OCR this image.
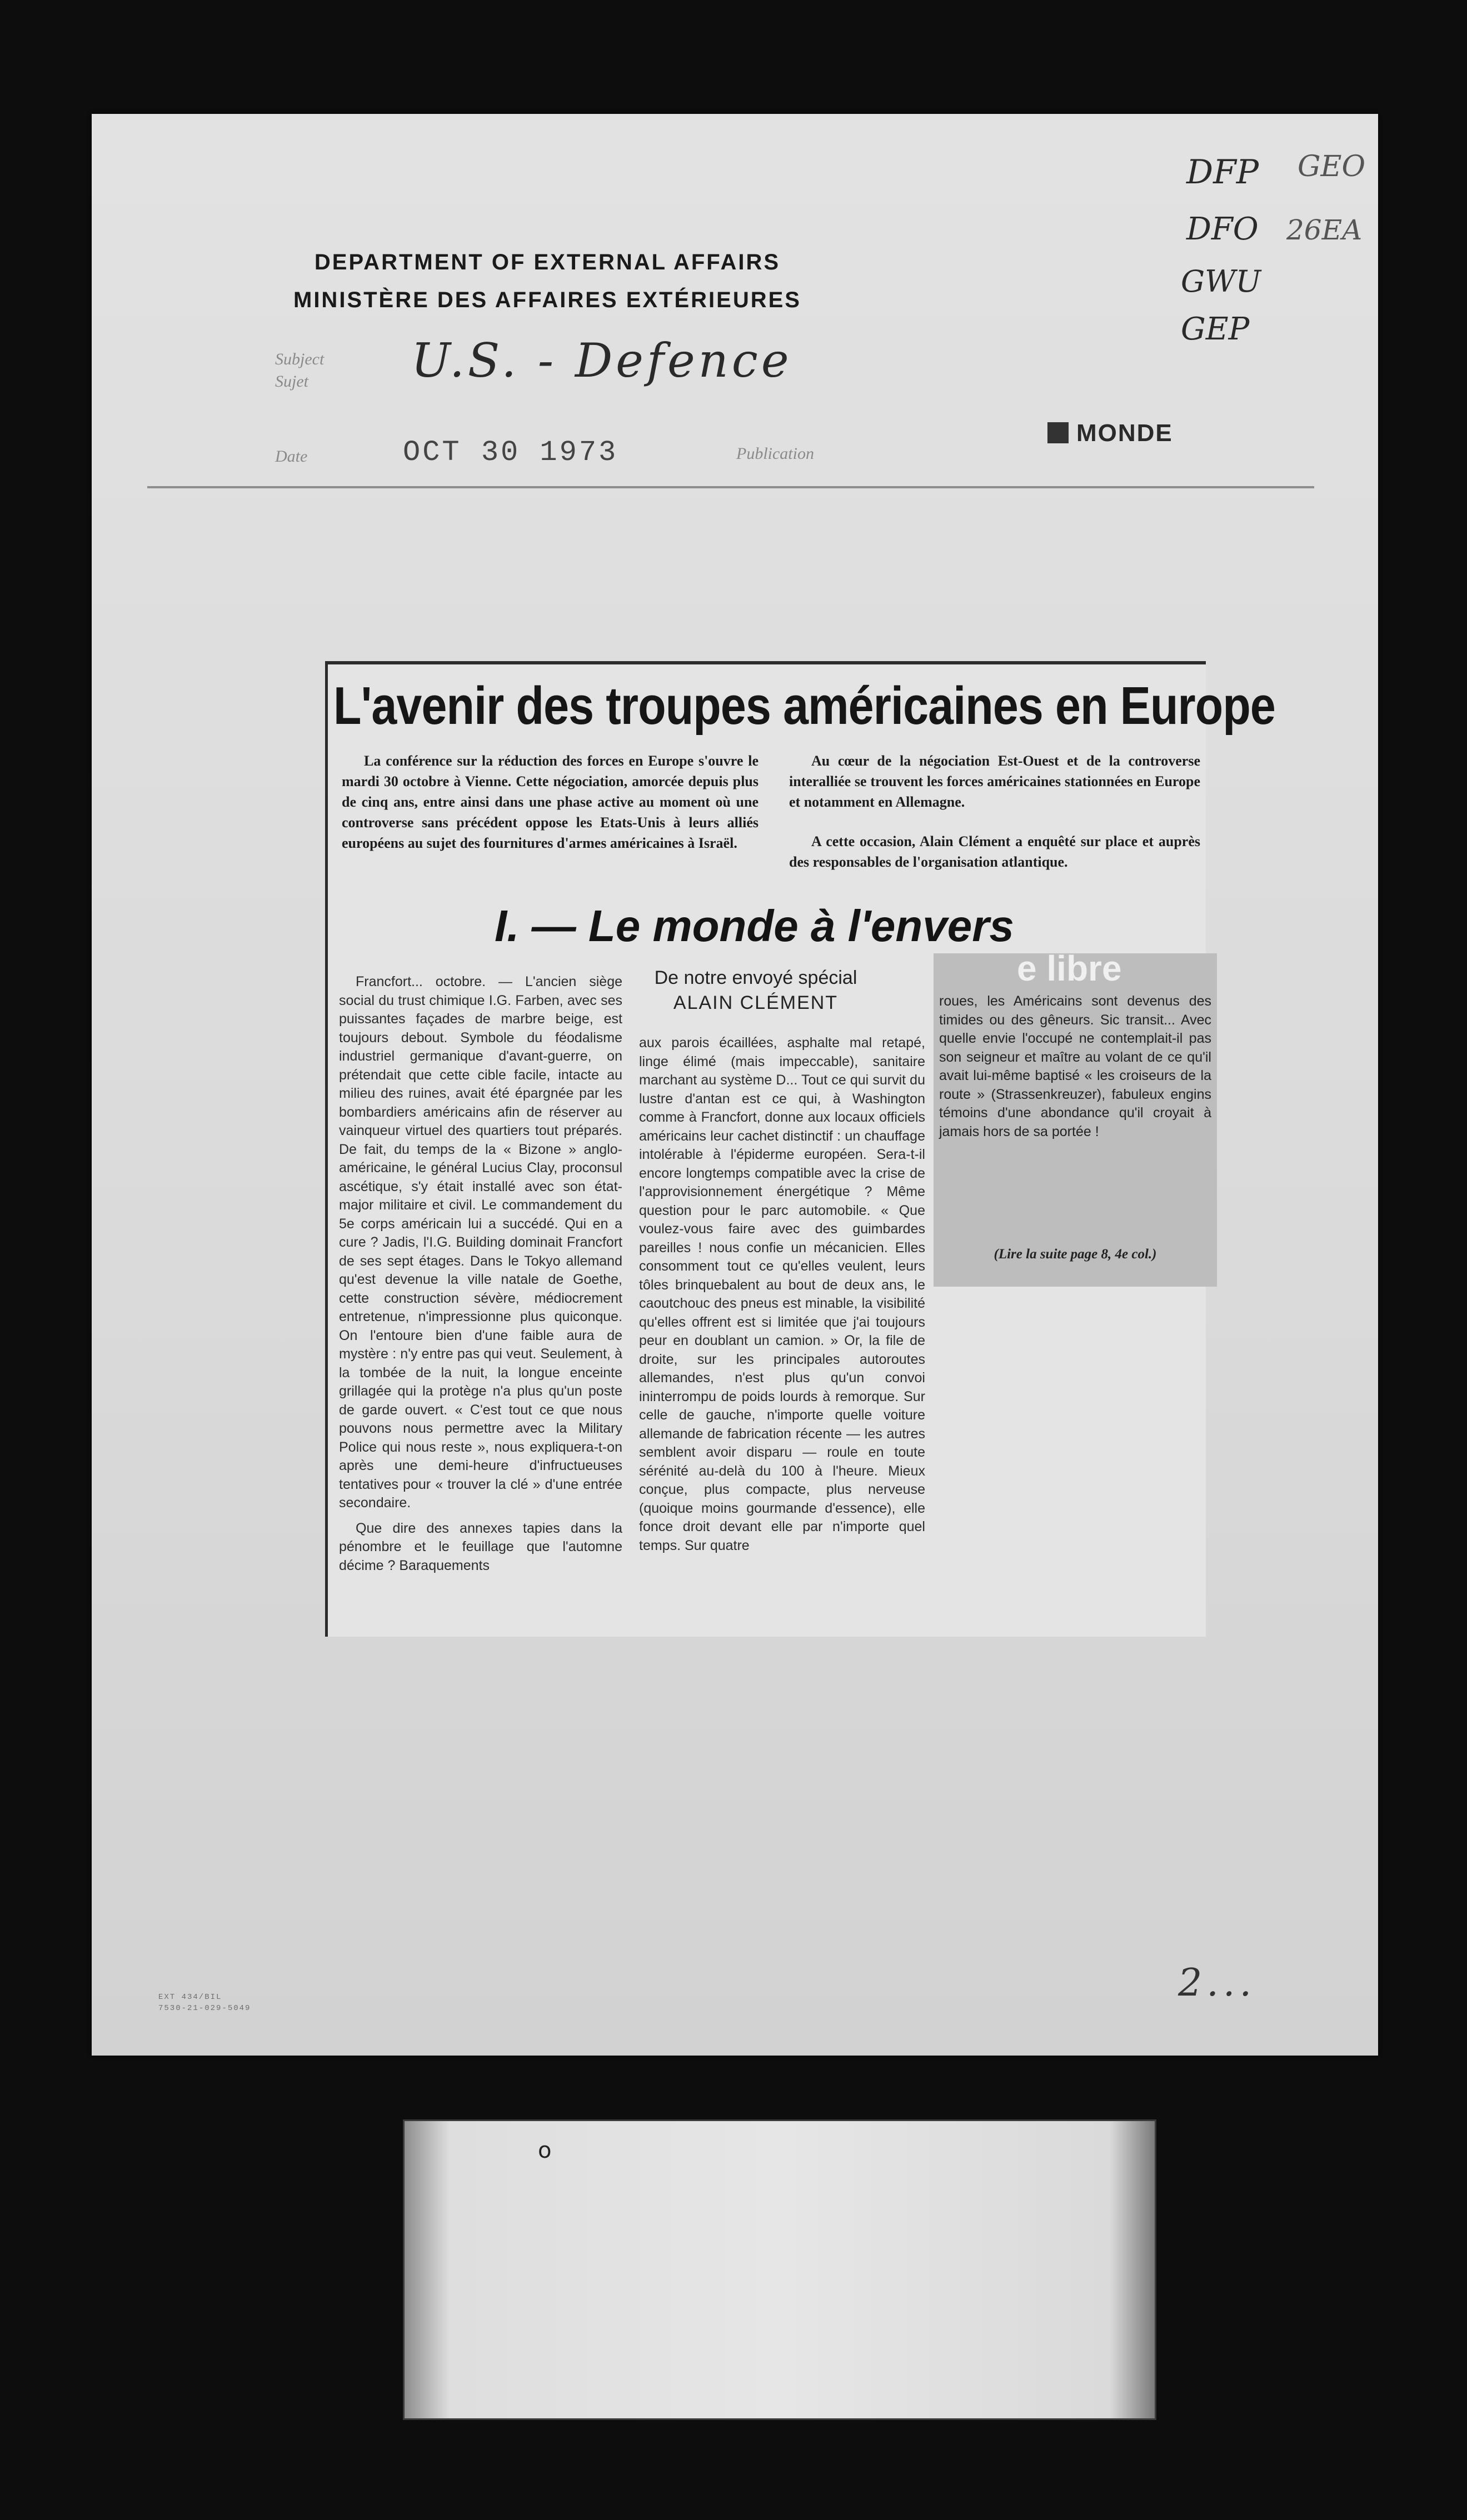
DEPARTMENT OF EXTERNAL AFFAIRS
MINISTÈRE DES AFFAIRES EXTÉRIEURES
DFP GEO
DFO 26EA
GWU
GEP
Subject
Sujet U.S. - Defence
Date	OCT 30 1973	Publication
MONDE
L'avenir des troupes américaines en Europe
La conférence sur la réduction des forces en Europe s'ouvre le mardi 30 octobre à Vienne. Cette négociation, amorcée depuis plus de cinq ans, entre ainsi dans une phase active au moment où une controverse sans précédent oppose les Etats-Unis à leurs alliés européens au sujet des fournitures d'armes américaines à Israël.
Au cœur de la négociation Est-Ouest et de la controverse interalliée se trouvent les forces américaines stationnées en Europe et notamment en Allemagne.
A cette occasion, Alain Clément a enquêté sur place et auprès des responsables de l'organisation atlantique.
I. — Le monde à l'envers
De notre envoyé spécial
ALAIN CLÉMENT

Francfort... octobre. — L'ancien siège social du trust chimique I.G. Farben, avec ses puissantes façades de marbre beige, est toujours debout. Symbole du féodalisme industriel germanique d'avant-guerre, on prétendait que cette cible facile, intacte au milieu des ruines, avait été épargnée par les bombardiers américains afin de réserver au vainqueur virtuel des quartiers tout préparés. De fait, du temps de la « Bizone » anglo-américaine, le général Lucius Clay, proconsul ascétique, s'y était installé avec son état-major militaire et civil. Le commandement du 5e corps américain lui a succédé. Qui en a cure ? Jadis, l'I.G. Building dominait Francfort de ses sept étages. Dans le Tokyo allemand qu'est devenue la ville natale de Goethe, cette construction sévère, médiocrement entretenue, n'impressionne plus quiconque. On l'entoure bien d'une faible aura de mystère : n'y entre pas qui veut. Seulement, à la tombée de la nuit, la longue enceinte grillagée qui la protège n'a plus qu'un poste de garde ouvert. « C'est tout ce que nous pouvons nous permettre avec la Military Police qui nous reste », nous expliquera-t-on après une demi-heure d'infructueuses tentatives pour « trouver la clé » d'une entrée secondaire.

Que dire des annexes tapies dans la pénombre et le feuillage que l'automne décime ? Baraquements

aux parois écaillées, asphalte mal retapé, linge élimé (mais impeccable), sanitaire marchant au système D... Tout ce qui survit du lustre d'antan est ce qui, à Washington comme à Francfort, donne aux locaux officiels américains leur cachet distinctif : un chauffage intolérable à l'épiderme européen. Sera-t-il encore longtemps compatible avec la crise de l'approvisionnement énergétique ? Même question pour le parc automobile. « Que voulez-vous faire avec des guimbardes pareilles ! nous confie un mécanicien. Elles consomment tout ce qu'elles veulent, leurs tôles brinquebalent au bout de deux ans, le caoutchouc des pneus est minable, la visibilité qu'elles offrent est si limitée que j'ai toujours peur en doublant un camion. » Or, la file de droite, sur les principales autoroutes allemandes, n'est plus qu'un convoi ininterrompu de poids lourds à remorque. Sur celle de gauche, n'importe quelle voiture allemande de fabrication récente — les autres semblent avoir disparu — roule en toute sérénité au-delà du 100 à l'heure. Mieux conçue, plus compacte, plus nerveuse (quoique moins gourmande d'essence), elle fonce droit devant elle par n'importe quel temps. Sur quatre

e libre
roues, les Américains sont devenus des timides ou des gêneurs. Sic transit... Avec quelle envie l'occupé ne contemplait-il pas son seigneur et maître au volant de ce qu'il avait lui-même baptisé « les croiseurs de la route » (Strassenkreuzer), fabuleux engins témoins d'une abondance qu'il croyait à jamais hors de sa portée !
(Lire la suite page 8, 4e col.)
EXT 434/BIL
7530-21-029-5049
2...
o
